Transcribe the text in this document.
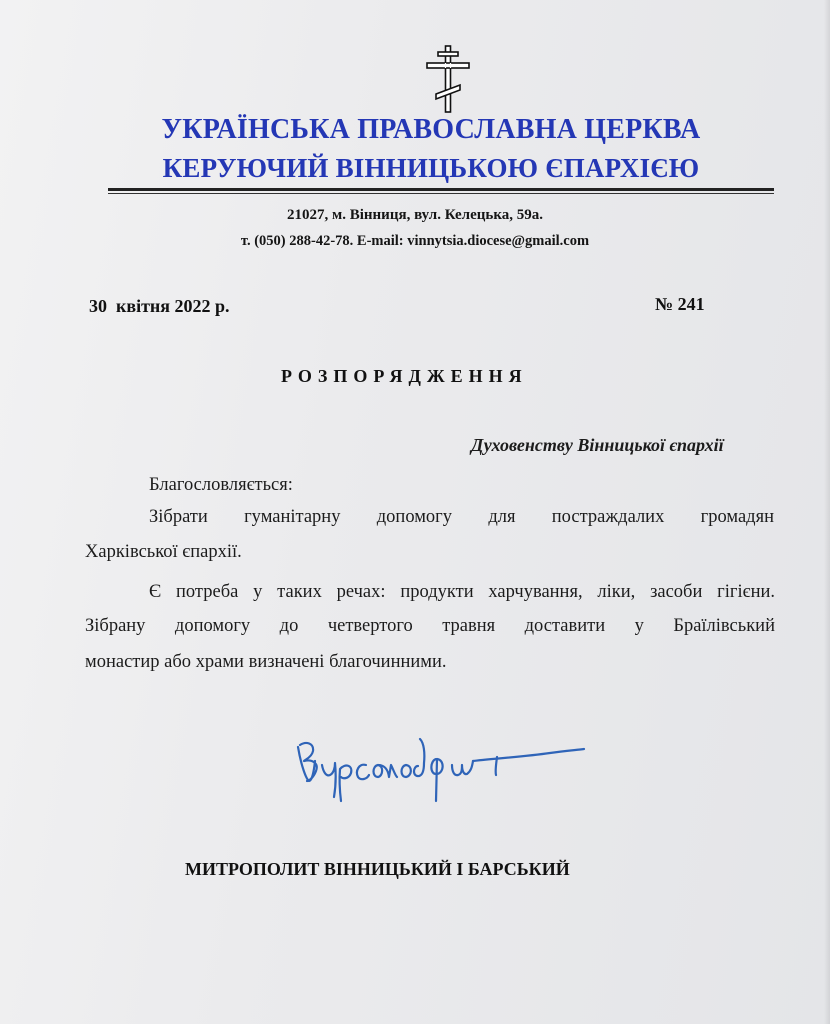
УКРАЇНСЬКА ПРАВОСЛАВНА ЦЕРКВА
КЕРУЮЧИЙ ВІННИЦЬКОЮ ЄПАРХІЄЮ
21027, м. Вінниця, вул. Келецька, 59а.
т. (050) 288-42-78. E-mail: vinnytsia.diocese@gmail.com
30  квітня 2022 р.	№ 241
РОЗПОРЯДЖЕННЯ
Духовенству Вінницької єпархії
Благословляється:
Зібрати гуманітарну допомогу для постраждалих громадян
Харківської єпархії.
Є потреба у таких речах: продукти харчування, ліки, засоби гігієни.
Зібрану допомогу до четвертого травня доставити у Браїлівський
монастир або храми визначені благочинними.
МИТРОПОЛИТ ВІННИЦЬКИЙ І БАРСЬКИЙ
